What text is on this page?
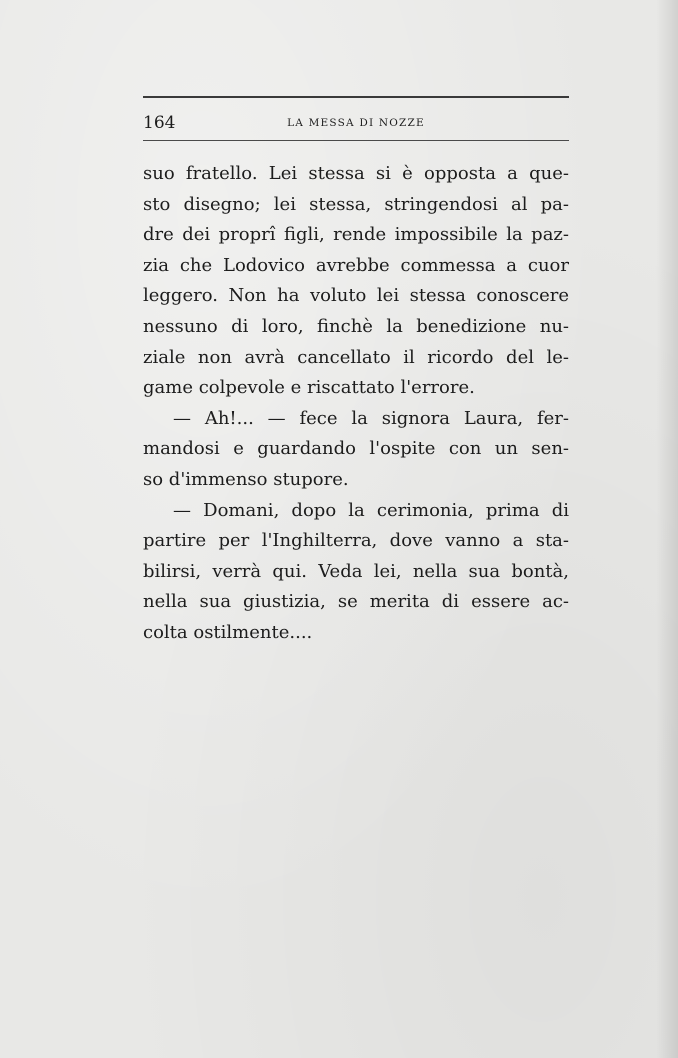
164	LA MESSA DI NOZZE
suo fratello. Lei stessa si è opposta a que-
sto disegno; lei stessa, stringendosi al pa-
dre dei proprî figli, rende impossibile la paz-
zia che Lodovico avrebbe commessa a cuor
leggero. Non ha voluto lei stessa conoscere
nessuno di loro, finchè la benedizione nu-
ziale non avrà cancellato il ricordo del le-
game colpevole e riscattato l'errore.
— Ah!... — fece la signora Laura, fer-
mandosi e guardando l'ospite con un sen-
so d'immenso stupore.
— Domani, dopo la cerimonia, prima di
partire per l'Inghilterra, dove vanno a sta-
bilirsi, verrà qui. Veda lei, nella sua bontà,
nella sua giustizia, se merita di essere ac-
colta ostilmente....
